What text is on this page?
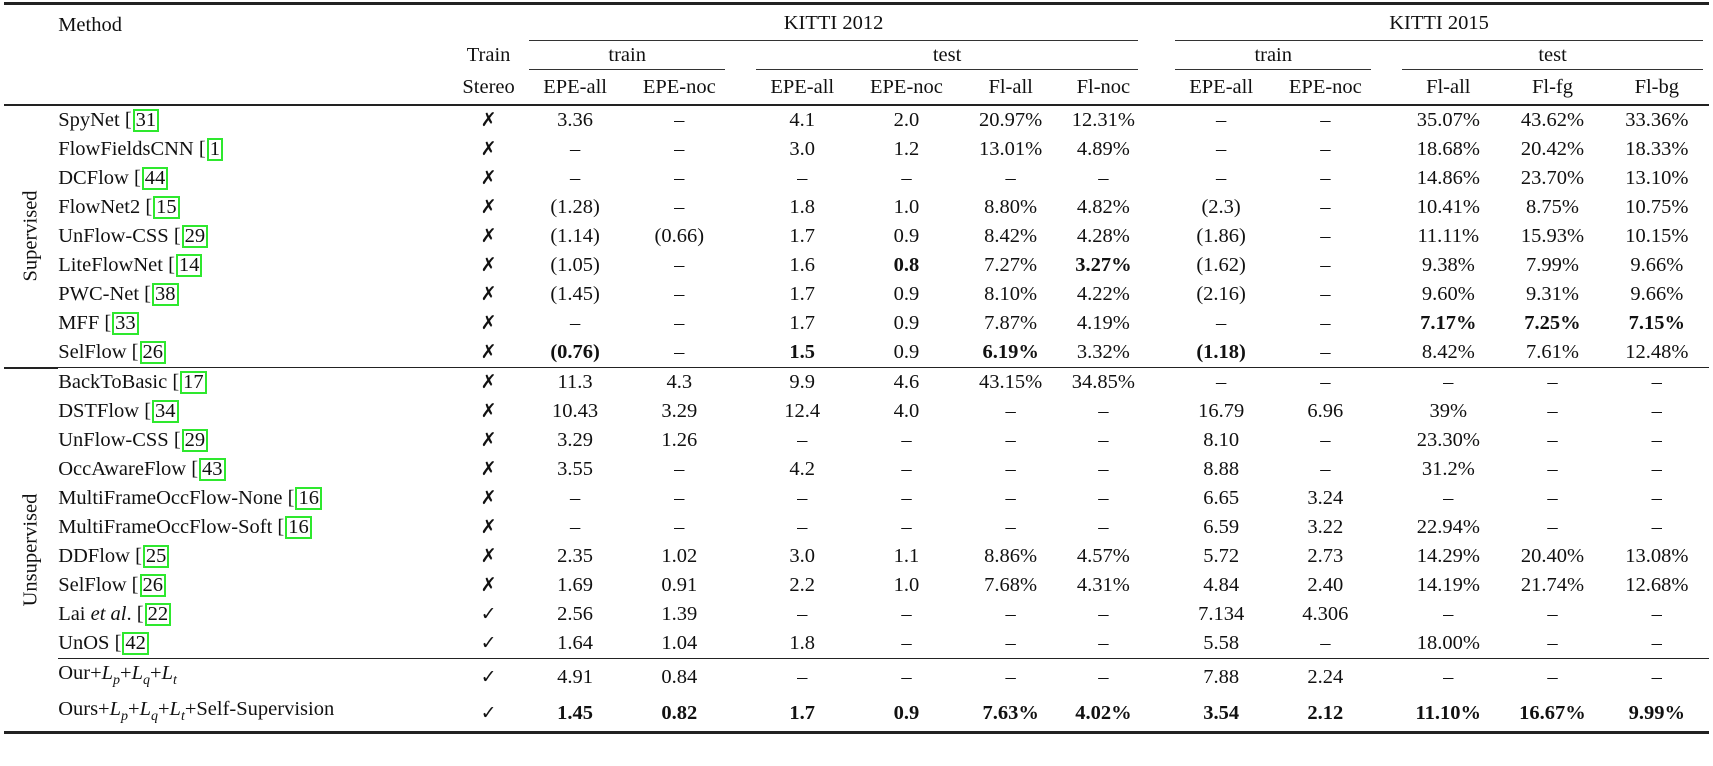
	Method		KITTI 2012								KITTI 2015					
		Train	train			test					train			test		
		Stereo	EPE-all	EPE-noc		EPE-all	EPE-noc	Fl-all	Fl-noc		EPE-all	EPE-noc		Fl-all	Fl-fg	Fl-bg

Supervised	SpyNet [ 31	✗	3.36	–		4.1	2.0	20.97%	12.31%		–	–		35.07%	43.62%	33.36%
	FlowFieldsCNN [ 1	✗	–	–		3.0	1.2	13.01%	4.89%		–	–		18.68%	20.42%	18.33%
	DCFlow [ 44	✗	–	–		–	–	–	–		–	–		14.86%	23.70%	13.10%
	FlowNet2 [ 15	✗	(1.28)	–		1.8	1.0	8.80%	4.82%		(2.3)	–		10.41%	8.75%	10.75%
	UnFlow-CSS [ 29	✗	(1.14)	(0.66)		1.7	0.9	8.42%	4.28%		(1.86)	–		11.11%	15.93%	10.15%
	LiteFlowNet [ 14	✗	(1.05)	–		1.6	0.8	7.27%	3.27%		(1.62)	–		9.38%	7.99%	9.66%
	PWC-Net [ 38	✗	(1.45)	–		1.7	0.9	8.10%	4.22%		(2.16)	–		9.60%	9.31%	9.66%
	MFF [ 33	✗	–	–		1.7	0.9	7.87%	4.19%		–	–		7.17%	7.25%	7.15%
	SelFlow [ 26	✗	(0.76)	–		1.5	0.9	6.19%	3.32%		(1.18)	–		8.42%	7.61%	12.48%

Unsupervised	BackToBasic [ 17	✗	11.3	4.3		9.9	4.6	43.15%	34.85%		–	–		–	–	–
	DSTFlow [ 34	✗	10.43	3.29		12.4	4.0	–	–		16.79	6.96		39%	–	–
	UnFlow-CSS [ 29	✗	3.29	1.26		–	–	–	–		8.10	–		23.30%	–	–
	OccAwareFlow [ 43	✗	3.55	–		4.2	–	–	–		8.88	–		31.2%	–	–
	MultiFrameOccFlow-None [ 16	✗	–	–		–	–	–	–		6.65	3.24		–	–	–
	MultiFrameOccFlow-Soft [ 16	✗	–	–		–	–	–	–		6.59	3.22		22.94%	–	–
	DDFlow [ 25	✗	2.35	1.02		3.0	1.1	8.86%	4.57%		5.72	2.73		14.29%	20.40%	13.08%
	SelFlow [ 26	✗	1.69	0.91		2.2	1.0	7.68%	4.31%		4.84	2.40		14.19%	21.74%	12.68%
	Lai et al. [ 22	✓	2.56	1.39		–	–	–	–		7.134	4.306		–	–	–
	UnOS [ 42	✓	1.64	1.04		1.8	–	–	–		5.58	–		18.00%	–	–
	$Our+L_p+L_q+L_t$	✓	4.91	0.84		–	–	–	–		7.88	2.24		–	–	–
	$Ours+L_p+L_q+L_t+Self$-Supervision	✓	1.45	0.82		1.7	0.9	7.63%	4.02%		3.54	2.12		11.10%	16.67%	9.99%
